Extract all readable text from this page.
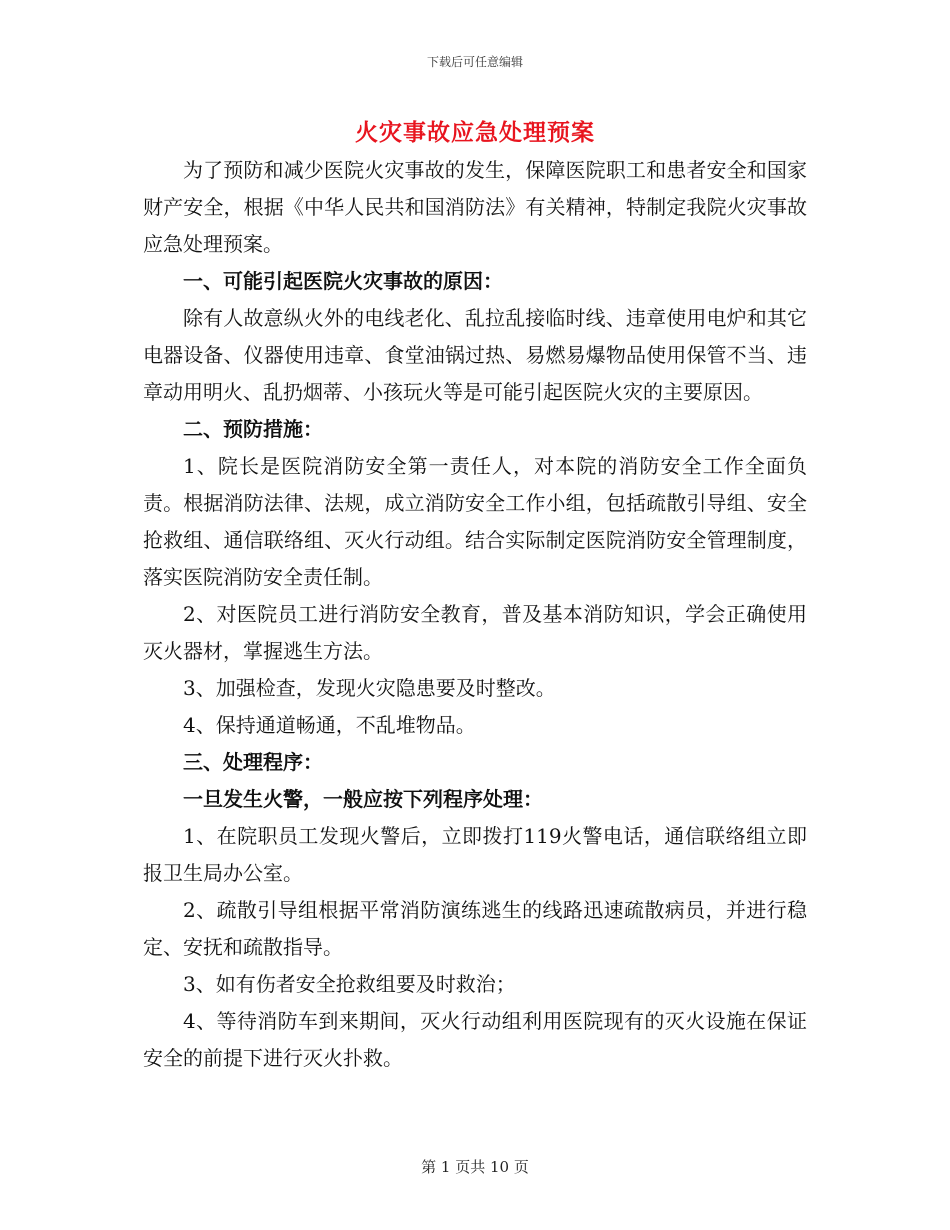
下载后可任意编辑
火灾事故应急处理预案

为了预防和减少医院火灾事故的发生，保障医院职工和患者安全和国家财产安全，根据《中华人民共和国消防法》有关精神，特制定我院火灾事故应急处理预案。

一、可能引起医院火灾事故的原因：

除有人故意纵火外的电线老化、乱拉乱接临时线、违章使用电炉和其它电器设备、仪器使用违章、食堂油锅过热、易燃易爆物品使用保管不当、违章动用明火、乱扔烟蒂、小孩玩火等是可能引起医院火灾的主要原因。

二、预防措施：

1、院长是医院消防安全第一责任人，对本院的消防安全工作全面负责。根据消防法律、法规，成立消防安全工作小组，包括疏散引导组、安全抢救组、通信联络组、灭火行动组。结合实际制定医院消防安全管理制度，落实医院消防安全责任制。

2、对医院员工进行消防安全教育，普及基本消防知识，学会正确使用灭火器材，掌握逃生方法。

3、加强检查，发现火灾隐患要及时整改。

4、保持通道畅通，不乱堆物品。

三、处理程序：

一旦发生火警，一般应按下列程序处理：

1、在院职员工发现火警后，立即拨打119火警电话，通信联络组立即报卫生局办公室。

2、疏散引导组根据平常消防演练逃生的线路迅速疏散病员，并进行稳定、安抚和疏散指导。

3、如有伤者安全抢救组要及时救治；

4、等待消防车到来期间，灭火行动组利用医院现有的灭火设施在保证安全的前提下进行灭火扑救。

第 1 页共 10 页
